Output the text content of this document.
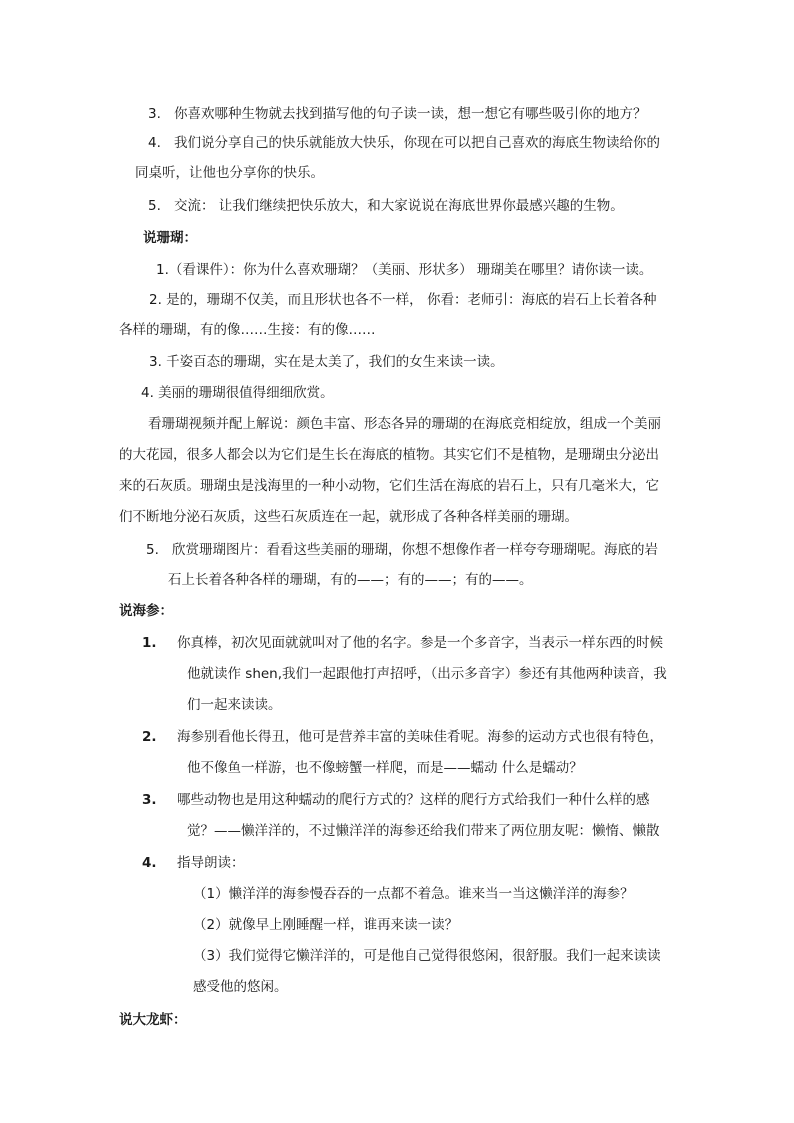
3. 你喜欢哪种生物就去找到描写他的句子读一读，想一想它有哪些吸引你的地方？
4. 我们说分享自己的快乐就能放大快乐，你现在可以把自己喜欢的海底生物读给你的
同桌听，让他也分享你的快乐。
5. 交流： 让我们继续把快乐放大，和大家说说在海底世界你最感兴趣的生物。
说珊瑚：
1.（看课件）：你为什么喜欢珊瑚？（美丽、形状多） 珊瑚美在哪里？请你读一读。
2. 是的，珊瑚不仅美，而且形状也各不一样， 你看：老师引：海底的岩石上长着各种
各样的珊瑚，有的像……生接：有的像……
3. 千姿百态的珊瑚，实在是太美了，我们的女生来读一读。
4. 美丽的珊瑚很值得细细欣赏。
看珊瑚视频并配上解说：颜色丰富、形态各异的珊瑚的在海底竞相绽放，组成一个美丽
的大花园，很多人都会以为它们是生长在海底的植物。其实它们不是植物，是珊瑚虫分泌出
来的石灰质。珊瑚虫是浅海里的一种小动物，它们生活在海底的岩石上，只有几毫米大，它
们不断地分泌石灰质，这些石灰质连在一起，就形成了各种各样美丽的珊瑚。
5. 欣赏珊瑚图片：看看这些美丽的珊瑚，你想不想像作者一样夸夸珊瑚呢。海底的岩
石上长着各种各样的珊瑚，有的——；有的——；有的——。
说海参：
1. 你真棒，初次见面就就叫对了他的名字。参是一个多音字，当表示一样东西的时候
他就读作 shen,我们一起跟他打声招呼，（出示多音字）参还有其他两种读音，我
们一起来读读。
2. 海参别看他长得丑，他可是营养丰富的美味佳肴呢。海参的运动方式也很有特色，
他不像鱼一样游，也不像螃蟹一样爬，而是——蠕动 什么是蠕动？
3. 哪些动物也是用这种蠕动的爬行方式的？这样的爬行方式给我们一种什么样的感
觉？——懒洋洋的，不过懒洋洋的海参还给我们带来了两位朋友呢：懒惰、懒散
4. 指导朗读：
（1）懒洋洋的海参慢吞吞的一点都不着急。谁来当一当这懒洋洋的海参？
（2）就像早上刚睡醒一样，谁再来读一读？
（3）我们觉得它懒洋洋的，可是他自己觉得很悠闲，很舒服。我们一起来读读
感受他的悠闲。
说大龙虾：
